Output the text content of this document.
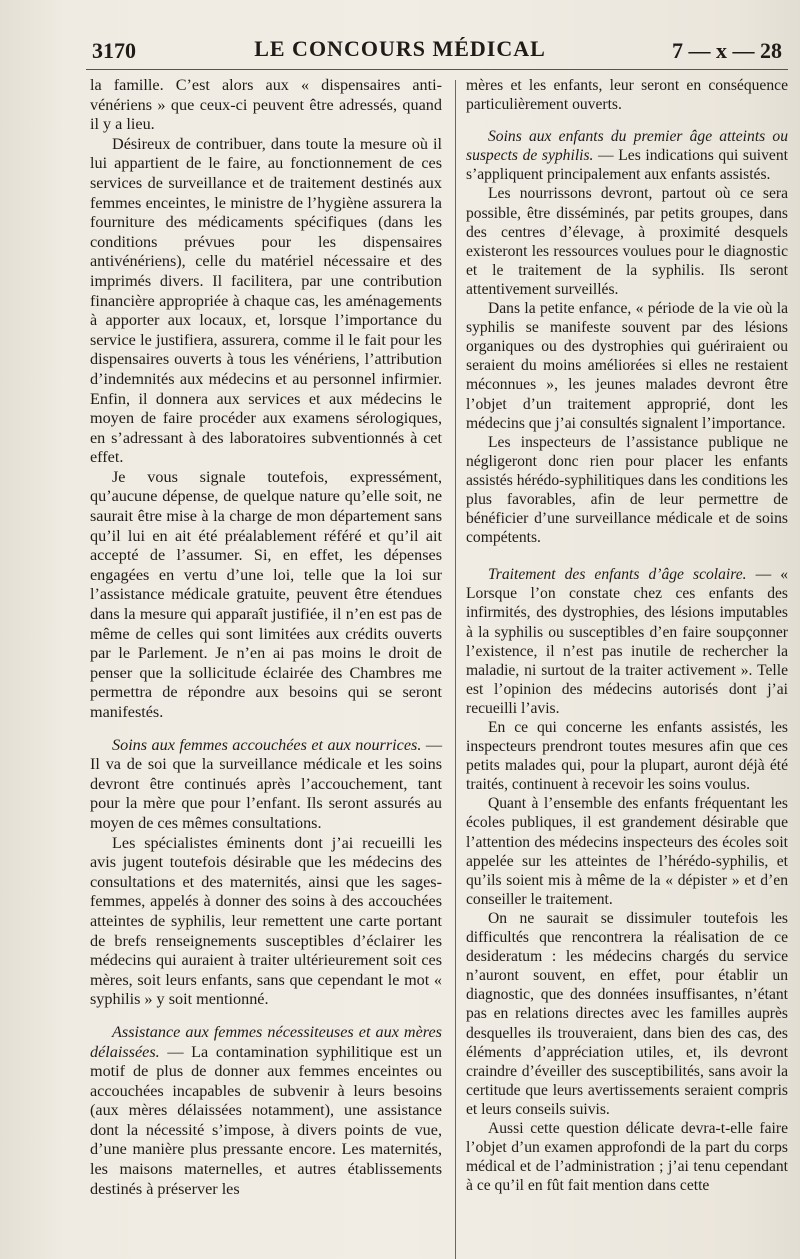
3170	LE CONCOURS MÉDICAL	7 — x — 28

la famille. C’est alors aux « dispensaires anti-vénériens » que ceux-ci peuvent être adressés, quand il y a lieu.

Désireux de contribuer, dans toute la mesure où il lui appartient de le faire, au fonctionnement de ces services de surveillance et de traitement destinés aux femmes enceintes, le ministre de l’hygiène assurera la fourniture des médicaments spécifiques (dans les conditions prévues pour les dispensaires antivénériens), celle du matériel nécessaire et des imprimés divers. Il facilitera, par une contribution financière appropriée à chaque cas, les aménagements à apporter aux locaux, et, lorsque l’importance du service le justifiera, assurera, comme il le fait pour les dispensaires ouverts à tous les vénériens, l’attribution d’indemnités aux médecins et au personnel infirmier. Enfin, il donnera aux services et aux médecins le moyen de faire procéder aux examens sérologiques, en s’adressant à des laboratoires subventionnés à cet effet.

Je vous signale toutefois, expressément, qu’aucune dépense, de quelque nature qu’elle soit, ne saurait être mise à la charge de mon département sans qu’il lui en ait été préalablement référé et qu’il ait accepté de l’assumer. Si, en effet, les dépenses engagées en vertu d’une loi, telle que la loi sur l’assistance médicale gratuite, peuvent être étendues dans la mesure qui apparaît justifiée, il n’en est pas de même de celles qui sont limitées aux crédits ouverts par le Parlement. Je n’en ai pas moins le droit de penser que la sollicitude éclairée des Chambres me permettra de répondre aux besoins qui se seront manifestés.

Soins aux femmes accouchées et aux nourrices. — Il va de soi que la surveillance médicale et les soins devront être continués après l’accouchement, tant pour la mère que pour l’enfant. Ils seront assurés au moyen de ces mêmes consultations.

Les spécialistes éminents dont j’ai recueilli les avis jugent toutefois désirable que les médecins des consultations et des maternités, ainsi que les sages-femmes, appelés à donner des soins à des accouchées atteintes de syphilis, leur remettent une carte portant de brefs renseignements susceptibles d’éclairer les médecins qui auraient à traiter ultérieurement soit ces mères, soit leurs enfants, sans que cependant le mot « syphilis » y soit mentionné.

Assistance aux femmes nécessiteuses et aux mères délaissées. — La contamination syphilitique est un motif de plus de donner aux femmes enceintes ou accouchées incapables de subvenir à leurs besoins (aux mères délaissées notamment), une assistance dont la nécessité s’impose, à divers points de vue, d’une manière plus pressante encore. Les maternités, les maisons maternelles, et autres établissements destinés à préserver les

mères et les enfants, leur seront en conséquence particulièrement ouverts.

Soins aux enfants du premier âge atteints ou suspects de syphilis. — Les indications qui suivent s’appliquent principalement aux enfants assistés.

Les nourrissons devront, partout où ce sera possible, être disséminés, par petits groupes, dans des centres d’élevage, à proximité desquels existeront les ressources voulues pour le diagnostic et le traitement de la syphilis. Ils seront attentivement surveillés.

Dans la petite enfance, « période de la vie où la syphilis se manifeste souvent par des lésions organiques ou des dystrophies qui guériraient ou seraient du moins améliorées si elles ne restaient méconnues », les jeunes malades devront être l’objet d’un traitement approprié, dont les médecins que j’ai consultés signalent l’importance.

Les inspecteurs de l’assistance publique ne négligeront donc rien pour placer les enfants assistés hérédo-syphilitiques dans les conditions les plus favorables, afin de leur permettre de bénéficier d’une surveillance médicale et de soins compétents.

Traitement des enfants d’âge scolaire. — « Lorsque l’on constate chez ces enfants des infirmités, des dystrophies, des lésions imputables à la syphilis ou susceptibles d’en faire soupçonner l’existence, il n’est pas inutile de rechercher la maladie, ni surtout de la traiter activement ». Telle est l’opinion des médecins autorisés dont j’ai recueilli l’avis.

En ce qui concerne les enfants assistés, les inspecteurs prendront toutes mesures afin que ces petits malades qui, pour la plupart, auront déjà été traités, continuent à recevoir les soins voulus.

Quant à l’ensemble des enfants fréquentant les écoles publiques, il est grandement désirable que l’attention des médecins inspecteurs des écoles soit appelée sur les atteintes de l’hérédo-syphilis, et qu’ils soient mis à même de la « dépister » et d’en conseiller le traitement.

On ne saurait se dissimuler toutefois les difficultés que rencontrera la réalisation de ce desideratum : les médecins chargés du service n’auront souvent, en effet, pour établir un diagnostic, que des données insuffisantes, n’étant pas en relations directes avec les familles auprès desquelles ils trouveraient, dans bien des cas, des éléments d’appréciation utiles, et, ils devront craindre d’éveiller des susceptibilités, sans avoir la certitude que leurs avertissements seraient compris et leurs conseils suivis.

Aussi cette question délicate devra-t-elle faire l’objet d’un examen approfondi de la part du corps médical et de l’administration ; j’ai tenu cependant à ce qu’il en fût fait mention dans cette
